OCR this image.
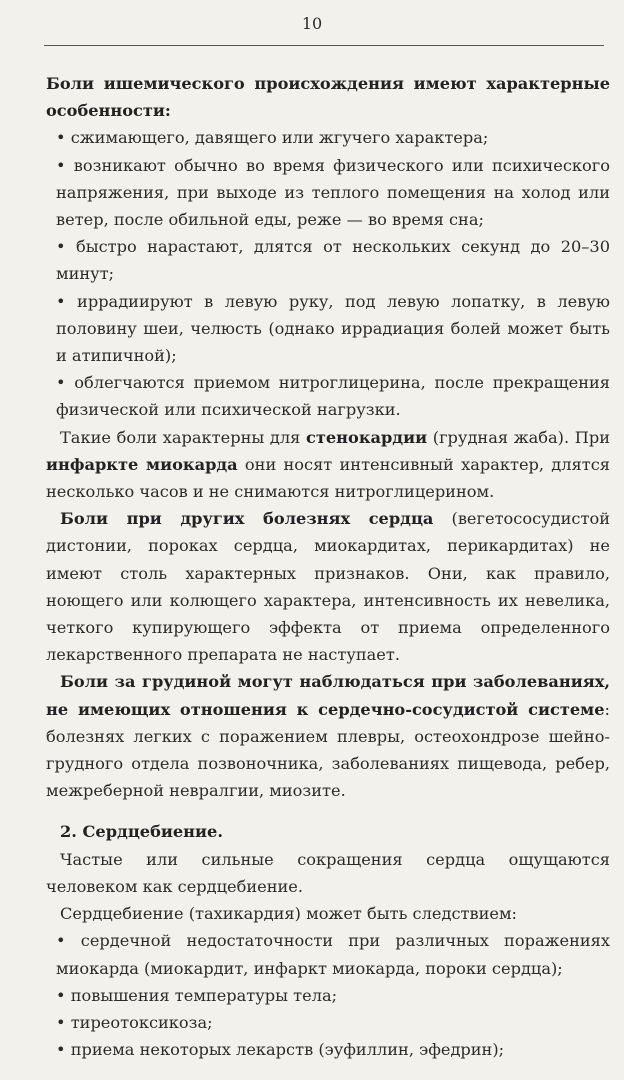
10

Боли ишемического происхождения имеют характерные особенности:

• сжимающего, давящего или жгучего характера;

• возникают обычно во время физического или психического напряжения, при выходе из теплого помещения на холод или ветер, после обильной еды, реже — во время сна;

• быстро нарастают, длятся от нескольких секунд до 20–30 минут;

• иррадиируют в левую руку, под левую лопатку, в левую половину шеи, челюсть (однако иррадиация болей может быть и атипичной);

• облегчаются приемом нитроглицерина, после прекращения физической или психической нагрузки.

Такие боли характерны для стенокардии (грудная жаба). При инфаркте миокарда они носят интенсивный характер, длятся несколько часов и не снимаются нитроглицерином.

Боли при других болезнях сердца (вегетососудистой дистонии, пороках сердца, миокардитах, перикардитах) не имеют столь характерных признаков. Они, как правило, ноющего или колющего характера, интенсивность их невелика, четкого купирующего эффекта от приема определенного лекарственного препарата не наступает.

Боли за грудиной могут наблюдаться при заболеваниях, не имеющих отношения к сердечно-сосудистой системе: болезнях легких с поражением плевры, остеохондрозе шейно-грудного отдела позвоночника, заболеваниях пищевода, ребер, межреберной невралгии, миозите.

2. Сердцебиение.

Частые или сильные сокращения сердца ощущаются человеком как сердцебиение.

Сердцебиение (тахикардия) может быть следствием:

• сердечной недостаточности при различных поражениях миокарда (миокардит, инфаркт миокарда, пороки сердца);

• повышения температуры тела;

• тиреотоксикоза;

• приема некоторых лекарств (эуфиллин, эфедрин);
